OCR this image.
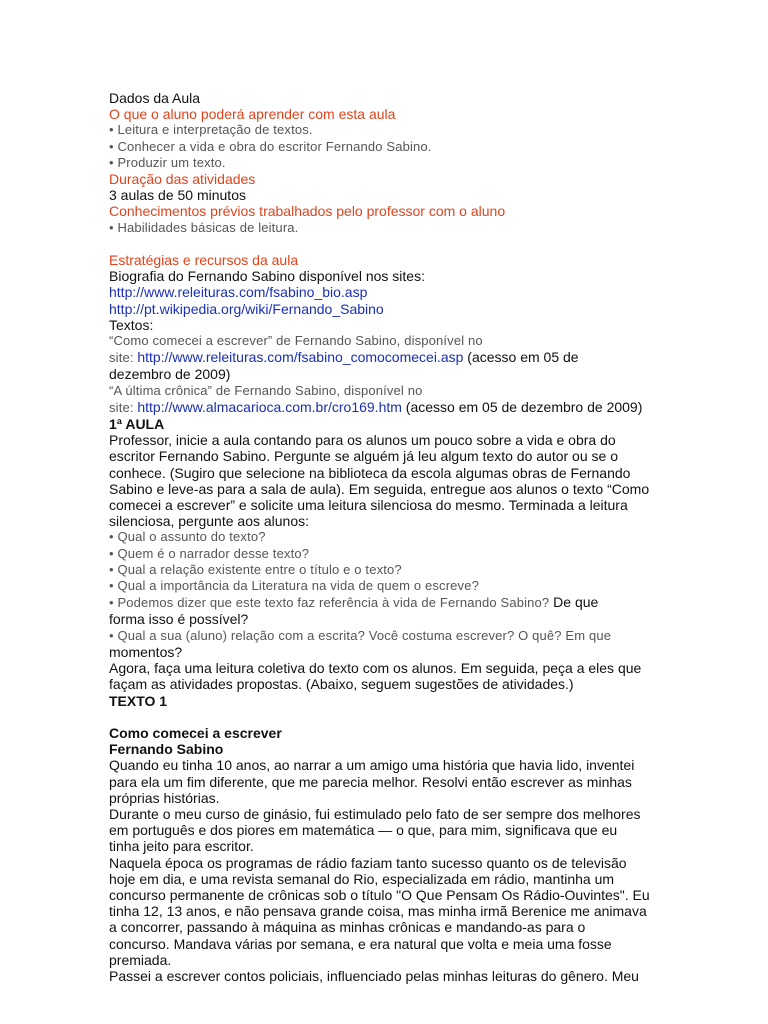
Dados da Aula
O que o aluno poderá aprender com esta aula
• Leitura e interpretação de textos.
• Conhecer a vida e obra do escritor Fernando Sabino.
• Produzir um texto.
Duração das atividades
3 aulas de 50 minutos
Conhecimentos prévios trabalhados pelo professor com o aluno
• Habilidades básicas de leitura.
Estratégias e recursos da aula
Biografia do Fernando Sabino disponível nos sites:
http://www.releituras.com/fsabino_bio.asp
http://pt.wikipedia.org/wiki/Fernando_Sabino
Textos:
“Como comecei a escrever” de Fernando Sabino, disponível no
site: http://www.releituras.com/fsabino_comocomecei.asp (acesso em 05 de
dezembro de 2009)
“A última crônica” de Fernando Sabino, disponível no
site: http://www.almacarioca.com.br/cro169.htm (acesso em 05 de dezembro de 2009)
1ª AULA
Professor, inicie a aula contando para os alunos um pouco sobre a vida e obra do
escritor Fernando Sabino. Pergunte se alguém já leu algum texto do autor ou se o
conhece. (Sugiro que selecione na biblioteca da escola algumas obras de Fernando
Sabino e leve-as para a sala de aula). Em seguida, entregue aos alunos o texto “Como
comecei a escrever” e solicite uma leitura silenciosa do mesmo. Terminada a leitura
silenciosa, pergunte aos alunos:
• Qual o assunto do texto?
• Quem é o narrador desse texto?
• Qual a relação existente entre o título e o texto?
• Qual a importância da Literatura na vida de quem o escreve?
• Podemos dizer que este texto faz referência à vida de Fernando Sabino? De que
forma isso é possível?
• Qual a sua (aluno) relação com a escrita? Você costuma escrever? O quê? Em que
momentos?
Agora, faça uma leitura coletiva do texto com os alunos. Em seguida, peça a eles que
façam as atividades propostas. (Abaixo, seguem sugestões de atividades.)
TEXTO 1
Como comecei a escrever
Fernando Sabino
Quando eu tinha 10 anos, ao narrar a um amigo uma história que havia lido, inventei
para ela um fim diferente, que me parecia melhor. Resolvi então escrever as minhas
próprias histórias.
Durante o meu curso de ginásio, fui estimulado pelo fato de ser sempre dos melhores
em português e dos piores em matemática — o que, para mim, significava que eu
tinha jeito para escritor.
Naquela época os programas de rádio faziam tanto sucesso quanto os de televisão
hoje em dia, e uma revista semanal do Rio, especializada em rádio, mantinha um
concurso permanente de crônicas sob o título "O Que Pensam Os Rádio-Ouvintes". Eu
tinha 12, 13 anos, e não pensava grande coisa, mas minha irmã Berenice me animava
a concorrer, passando à máquina as minhas crônicas e mandando-as para o
concurso. Mandava várias por semana, e era natural que volta e meia uma fosse
premiada.
Passei a escrever contos policiais, influenciado pelas minhas leituras do gênero. Meu
